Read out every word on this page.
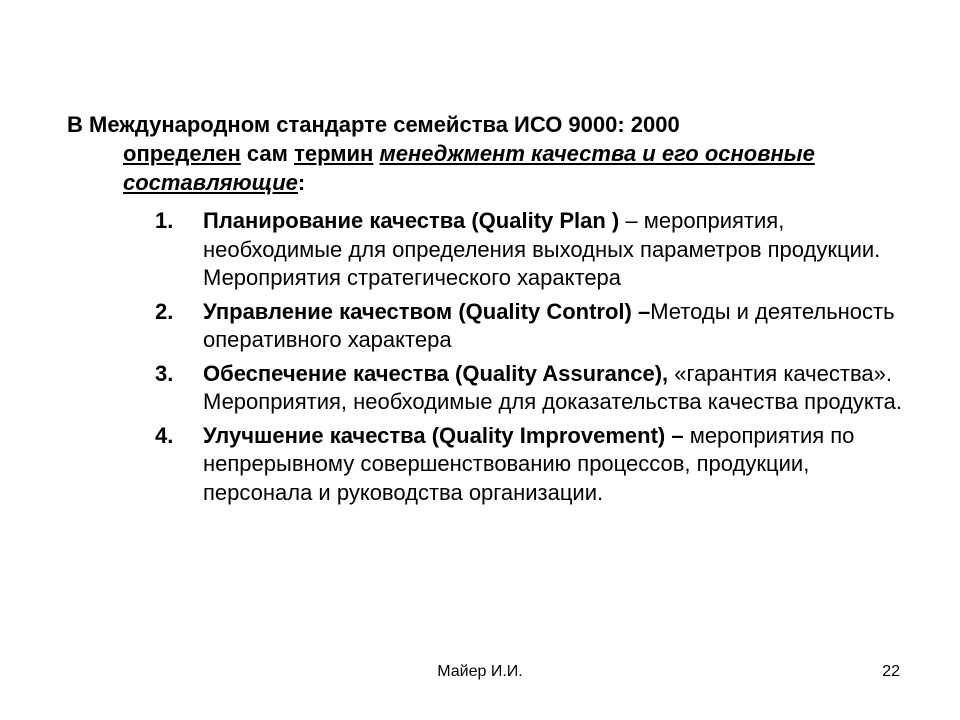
В Международном стандарте семейства ИСО 9000: 2000
определен сам термин менеджмент качества и его основные составляющие:
1. Планирование качества (Quality Plan ) – мероприятия, необходимые для определения выходных параметров продукции. Мероприятия стратегического характера
2. Управление качеством (Quality Control) –Методы и деятельность оперативного характера
3. Обеспечение качества (Quality Assurance), «гарантия качества». Мероприятия, необходимые для доказательства качества продукта.
4. Улучшение качества (Quality Improvement) – мероприятия по непрерывному совершенствованию процессов, продукции, персонала и руководства организации.
Майер И.И.	22
